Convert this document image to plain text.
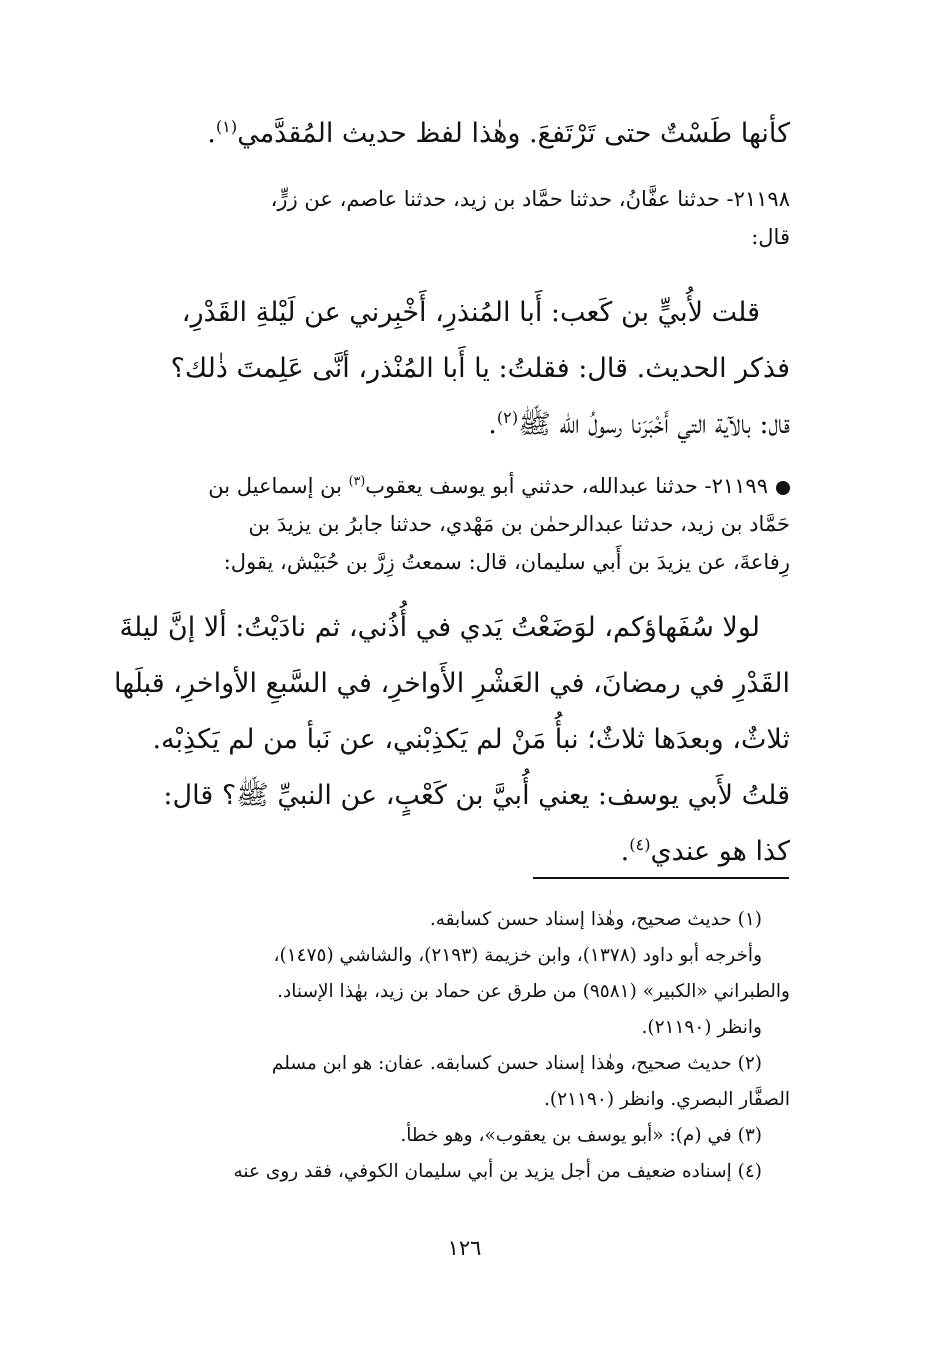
كأنها طَسْتٌ حتى تَرْتَفعَ. وهٰذا لفظ حديث المُقدَّمي$^{(١)}$.
٢١١٩٨- حدثنا عفَّانُ، حدثنا حمَّاد بن زيد، حدثنا عاصم، عن زرٍّ،
قال:
قلت لأُبيٍّ بن كَعب: أَبا المُنذرِ، أَخْبِرني عن لَيْلةِ القَدْرِ،
فذكر الحديث. قال: فقلتُ: يا أَبا المُنْذر، أنَّى عَلِمتَ ذٰلك؟
قال: بالآية التي أَخْبَرَنا رسولُ الله ﷺ$^{(٢)}$.
٢١١٩٩- حدثنا عبدالله، حدثني أبو يوسف يعقوب$^{(٣)}$ بن إسماعيل بن
حَمَّاد بن زيد، حدثنا عبدالرحمٰن بن مَهْدي، حدثنا جابرُ بن يزيدَ بن
رِفاعةَ، عن يزيدَ بن أَبي سليمان، قال: سمعتُ زِرَّ بن حُبَيْش، يقول:
لولا سُفَهاؤكم، لوَضَعْتُ يَدي في أُذُني، ثم نادَيْتُ: ألا إنَّ ليلةَ
القَدْرِ في رمضانَ، في العَشْرِ الأَواخرِ، في السَّبعِ الأواخرِ، قبلَها
ثلاثٌ، وبعدَها ثلاثٌ؛ نبأُ مَنْ لم يَكذِبْني، عن نَبأ من لم يَكذِبْه.
قلتُ لأَبي يوسف: يعني أُبيَّ بن كَعْبٍ، عن النبيِّ ﷺ؟ قال:
كذا هو عندي$^{(٤)}$.
(١) حديث صحيح، وهٰذا إسناد حسن كسابقه.
وأخرجه أبو داود (١٣٧٨)، وابن خزيمة (٢١٩٣)، والشاشي (١٤٧٥)،
والطبراني «الكبير» (٩٥٨١) من طرق عن حماد بن زيد، بهٰذا الإسناد.
وانظر (٢١١٩٠).
(٢) حديث صحيح، وهٰذا إسناد حسن كسابقه. عفان: هو ابن مسلم
الصفَّار البصري. وانظر (٢١١٩٠).
(٣) في (م): «أبو يوسف بن يعقوب»، وهو خطأ.
(٤) إسناده ضعيف من أجل يزيد بن أبي سليمان الكوفي، فقد روى عنه
١٢٦
